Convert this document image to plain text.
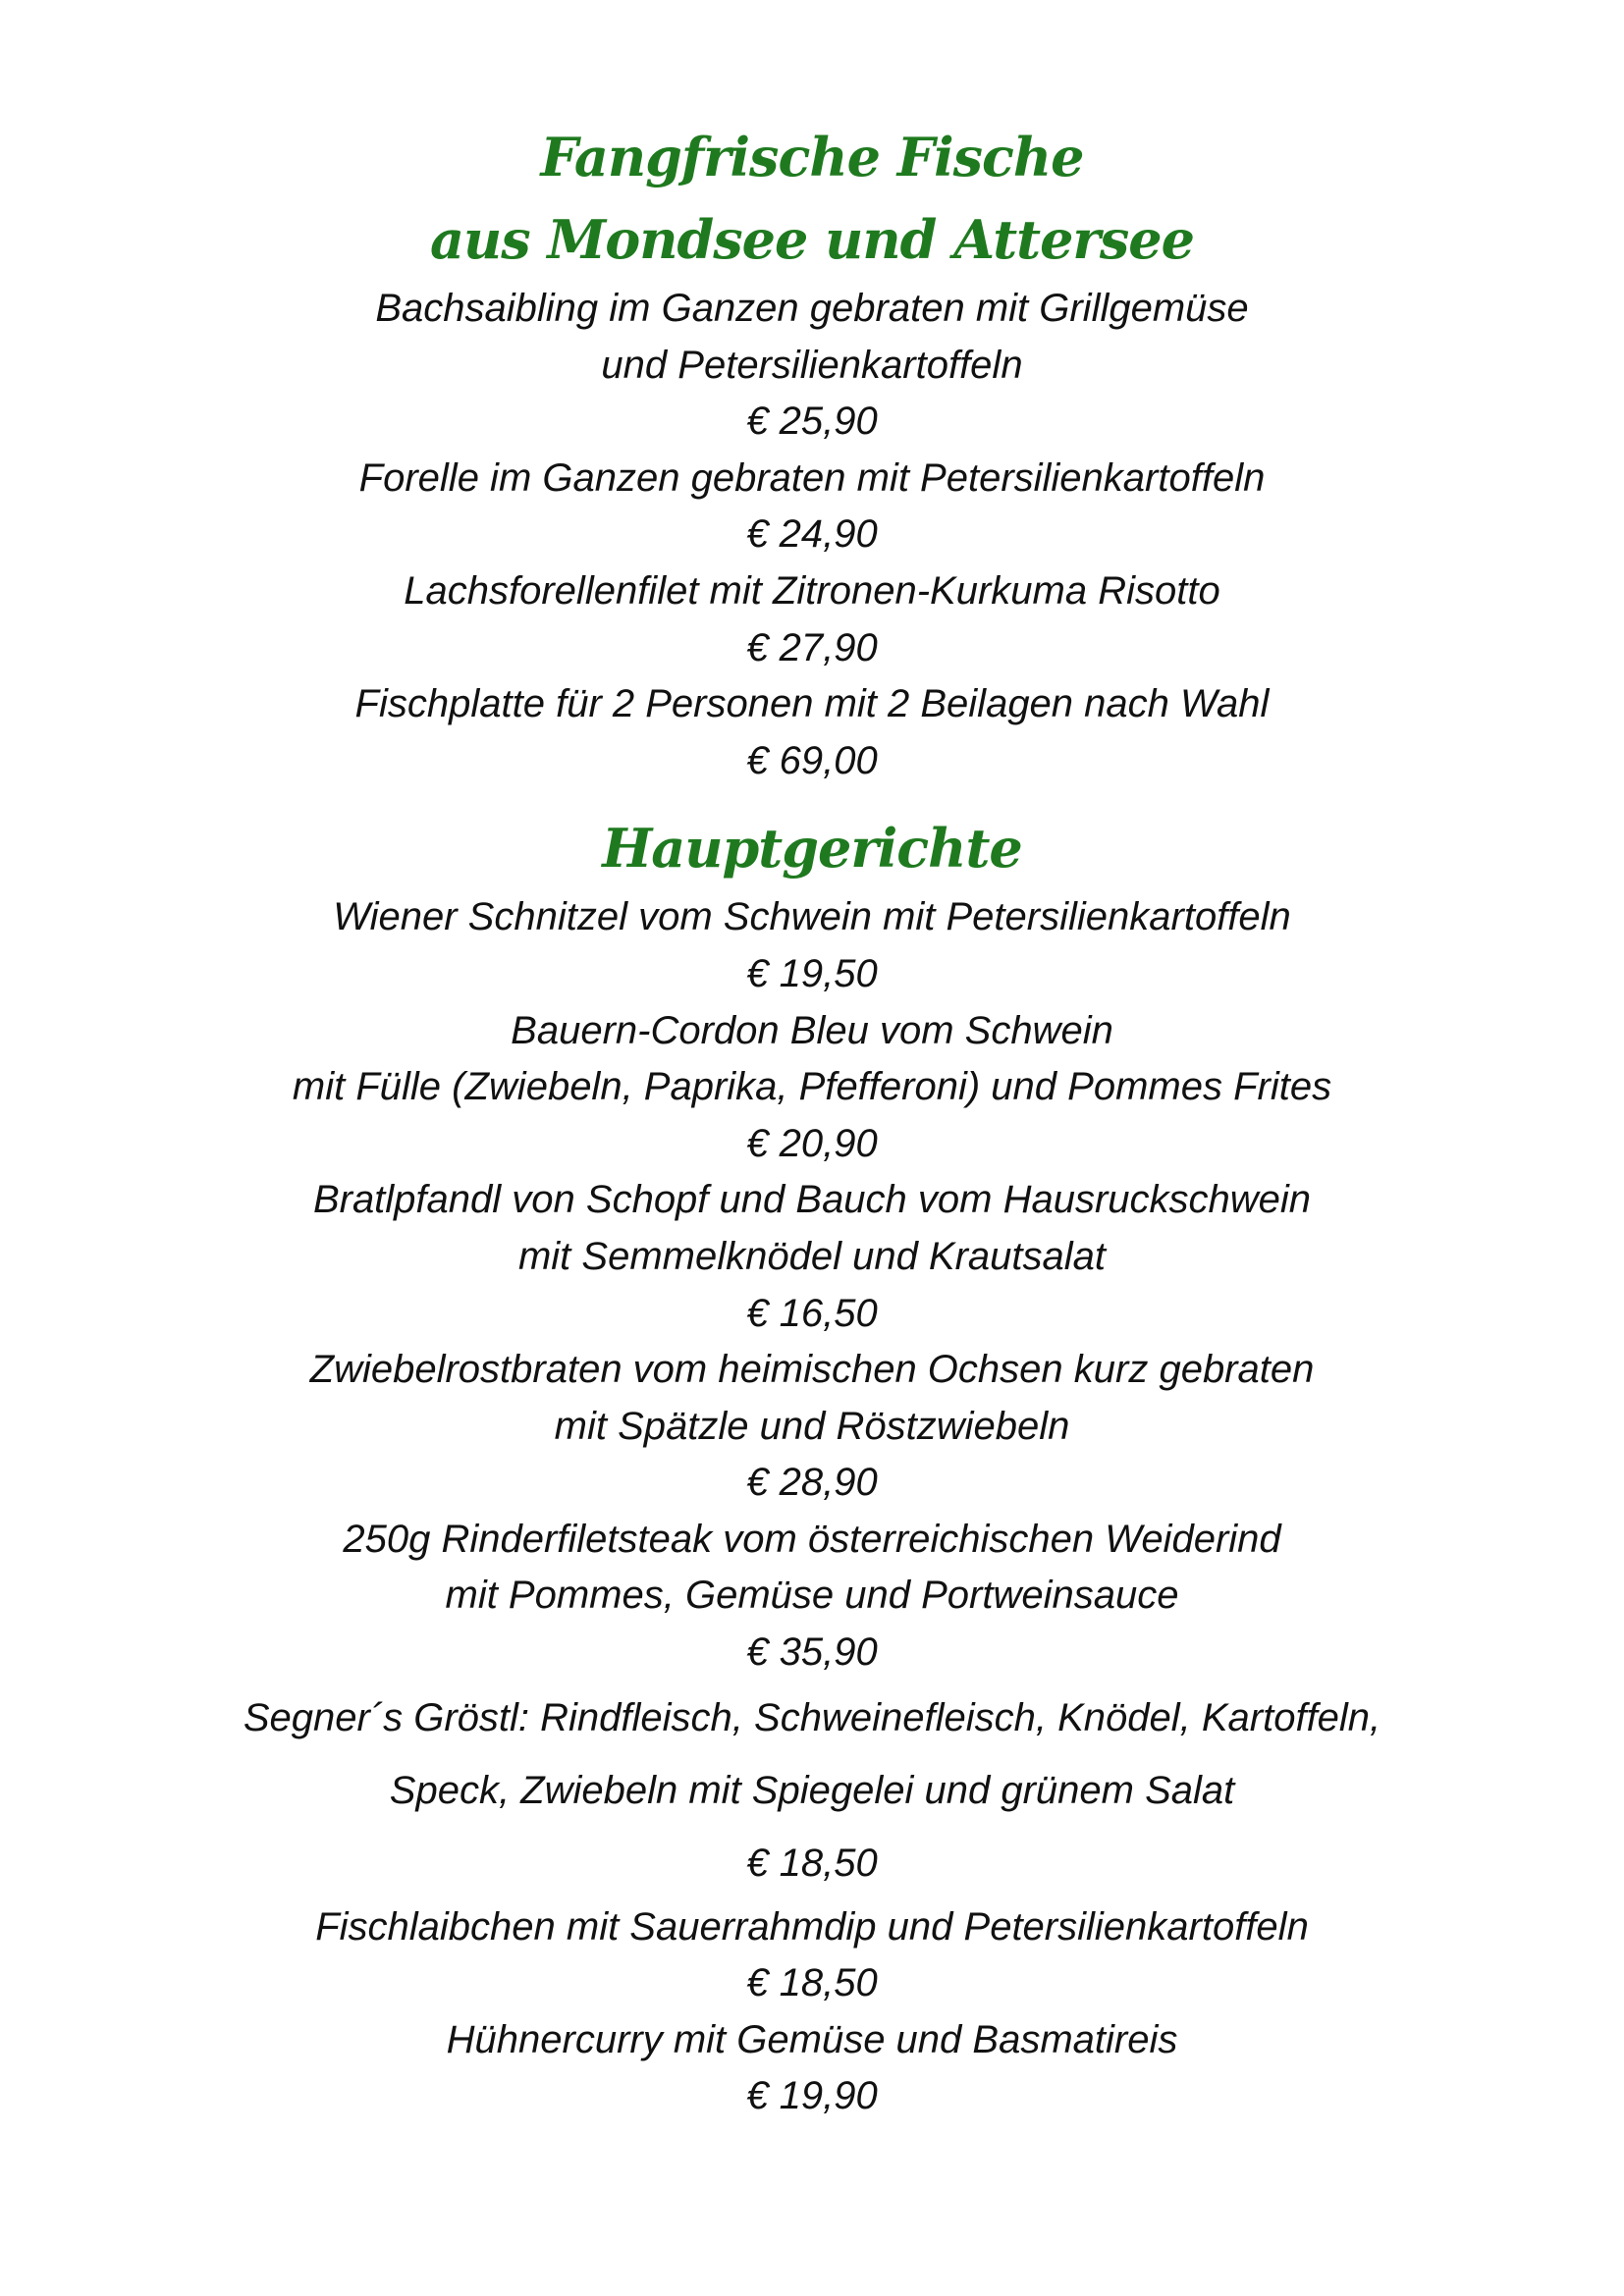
Fangfrische Fische
aus Mondsee und Attersee
Bachsaibling im Ganzen gebraten mit Grillgemüse
und Petersilienkartoffeln
€ 25,90
Forelle im Ganzen gebraten mit Petersilienkartoffeln
€ 24,90
Lachsforellenfilet mit Zitronen-Kurkuma Risotto
€ 27,90
Fischplatte für 2 Personen mit 2 Beilagen nach Wahl
€ 69,00
Hauptgerichte
Wiener Schnitzel vom Schwein mit Petersilienkartoffeln
€ 19,50
Bauern-Cordon Bleu vom Schwein
mit Fülle (Zwiebeln, Paprika, Pfefferoni) und Pommes Frites
€ 20,90
Bratlpfandl von Schopf und Bauch vom Hausruckschwein
mit Semmelknödel und Krautsalat
€ 16,50
Zwiebelrostbraten vom heimischen Ochsen kurz gebraten
mit Spätzle und Röstzwiebeln
€ 28,90
250g Rinderfiletsteak vom österreichischen Weiderind
mit Pommes, Gemüse und Portweinsauce
€ 35,90
Segner´s Gröstl: Rindfleisch, Schweinefleisch, Knödel, Kartoffeln,
Speck, Zwiebeln mit Spiegelei und grünem Salat
€ 18,50
Fischlaibchen mit Sauerrahmdip und Petersilienkartoffeln
€ 18,50
Hühnercurry mit Gemüse und Basmatireis
€ 19,90
